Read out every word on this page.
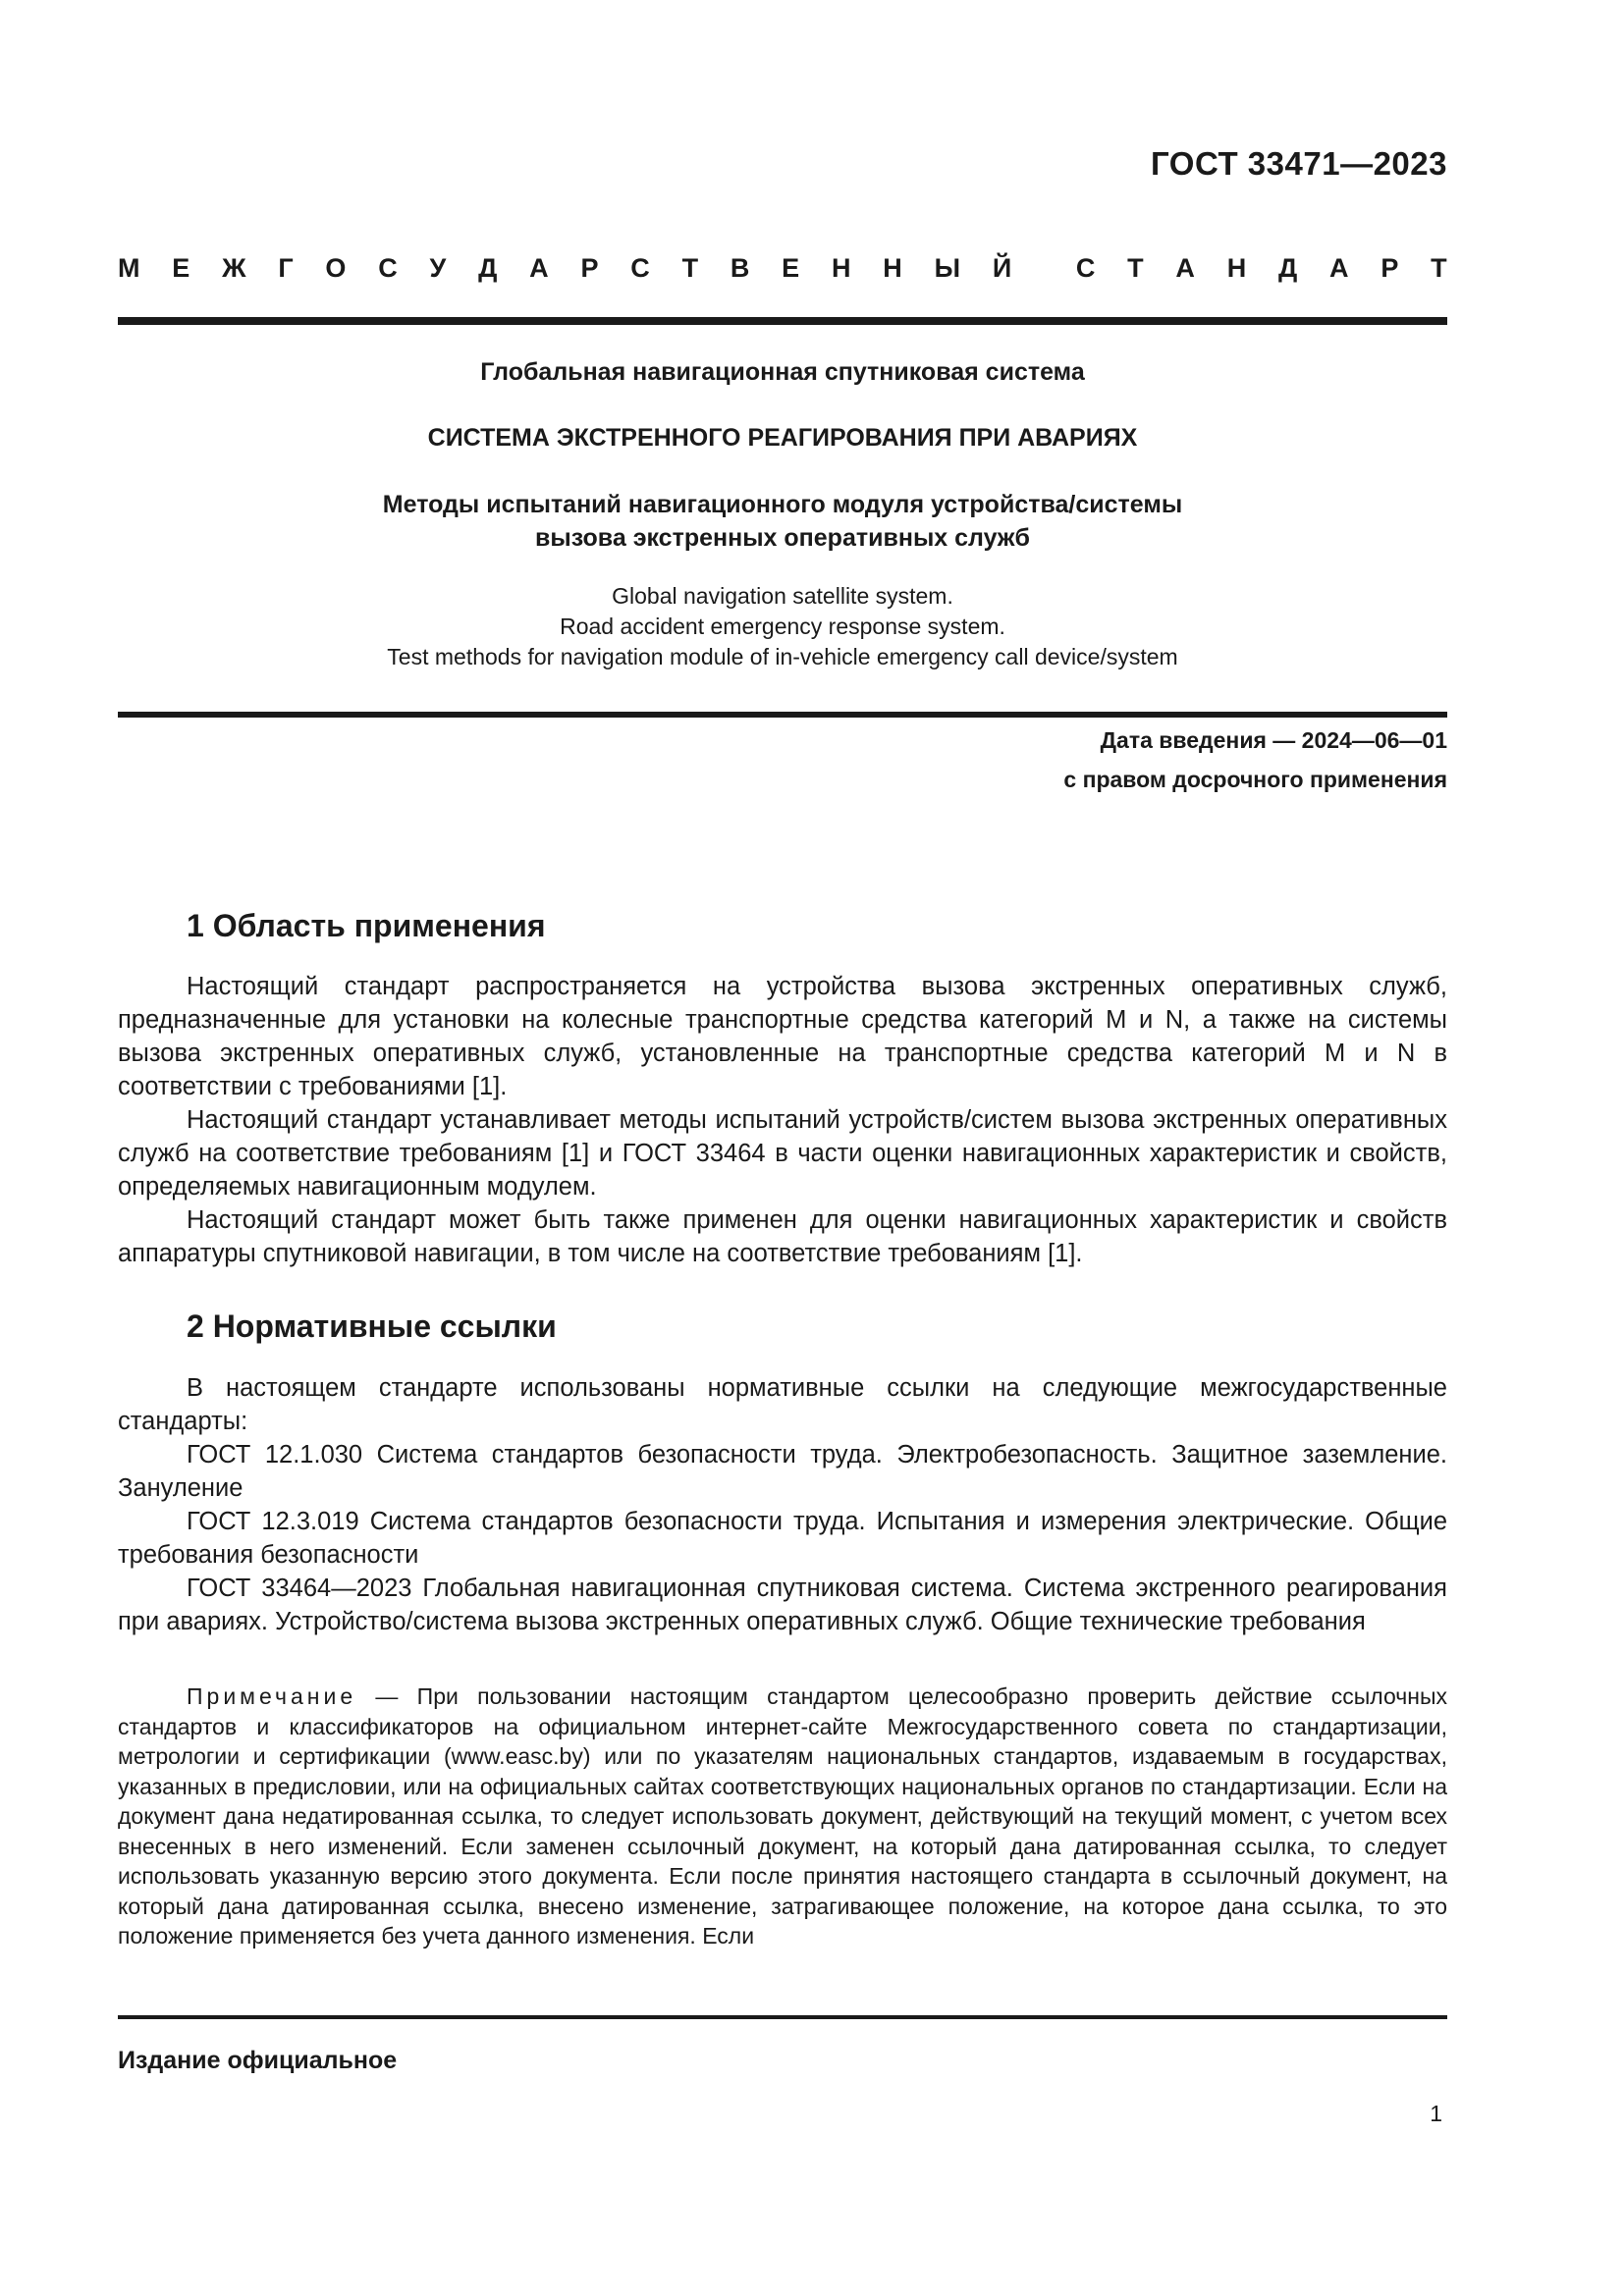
ГОСТ 33471—2023
М Е Ж Г О С У Д А Р С Т В Е Н Н Ы Й С Т А Н Д А Р Т
Глобальная навигационная спутниковая система
СИСТЕМА ЭКСТРЕННОГО РЕАГИРОВАНИЯ ПРИ АВАРИЯХ
Методы испытаний навигационного модуля устройства/системы
вызова экстренных оперативных служб
Global navigation satellite system.
Road accident emergency response system.
Test methods for navigation module of in-vehicle emergency call device/system
Дата введения — 2024—06—01
с правом досрочного применения
1 Область применения

Настоящий стандарт распространяется на устройства вызова экстренных оперативных служб, предназначенные для установки на колесные транспортные средства категорий M и N, а также на системы вызова экстренных оперативных служб, установленные на транспортные средства категорий M и N в соответствии с требованиями [1].

Настоящий стандарт устанавливает методы испытаний устройств/систем вызова экстренных оперативных служб на соответствие требованиям [1] и ГОСТ 33464 в части оценки навигационных характеристик и свойств, определяемых навигационным модулем.

Настоящий стандарт может быть также применен для оценки навигационных характеристик и свойств аппаратуры спутниковой навигации, в том числе на соответствие требованиям [1].

2 Нормативные ссылки

В настоящем стандарте использованы нормативные ссылки на следующие межгосударственные стандарты:

ГОСТ 12.1.030 Система стандартов безопасности труда. Электробезопасность. Защитное заземление. Зануление

ГОСТ 12.3.019 Система стандартов безопасности труда. Испытания и измерения электрические. Общие требования безопасности

ГОСТ 33464—2023 Глобальная навигационная спутниковая система. Система экстренного реагирования при авариях. Устройство/система вызова экстренных оперативных служб. Общие технические требования

Примечание — При пользовании настоящим стандартом целесообразно проверить действие ссылочных стандартов и классификаторов на официальном интернет-сайте Межгосударственного совета по стандартизации, метрологии и сертификации (www.easc.by) или по указателям национальных стандартов, издаваемым в государствах, указанных в предисловии, или на официальных сайтах соответствующих национальных органов по стандартизации. Если на документ дана недатированная ссылка, то следует использовать документ, действующий на текущий момент, с учетом всех внесенных в него изменений. Если заменен ссылочный документ, на который дана датированная ссылка, то следует использовать указанную версию этого документа. Если после принятия настоящего стандарта в ссылочный документ, на который дана датированная ссылка, внесено изменение, затрагивающее положение, на которое дана ссылка, то это положение применяется без учета данного изменения. Если
Издание официальное
1
